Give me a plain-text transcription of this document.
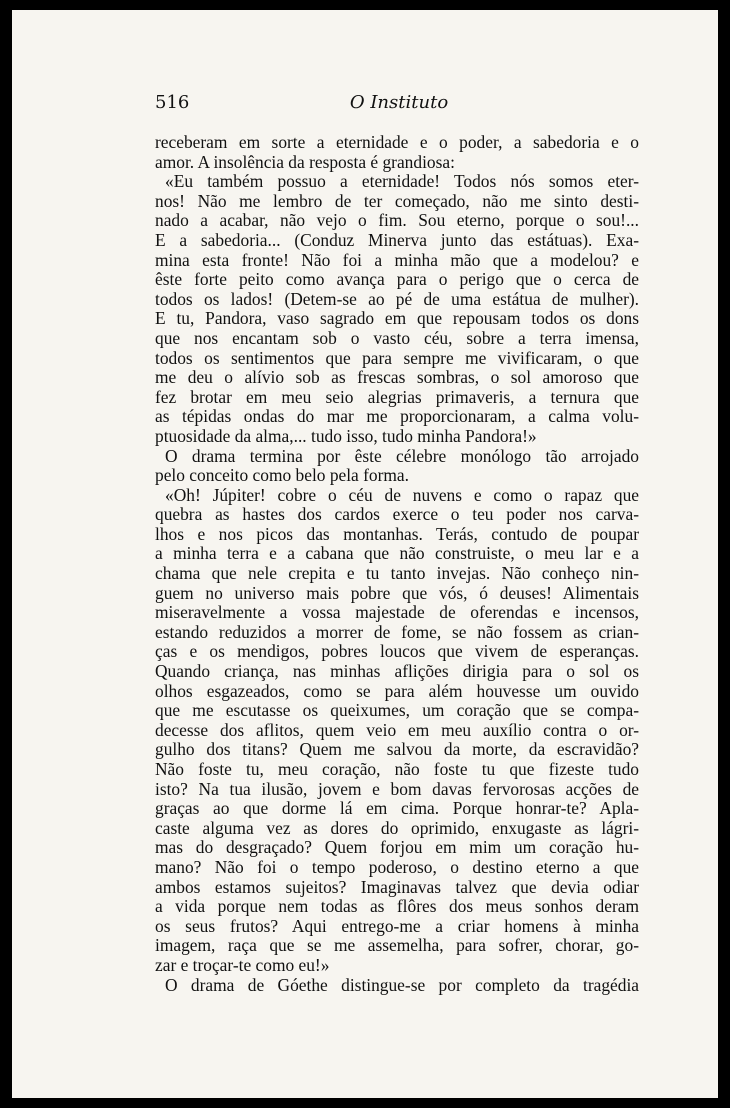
516	O Instituto
receberam em sorte a eternidade e o poder, a sabedoria e o
amor. A insolência da resposta é grandiosa:
«Eu também possuo a eternidade! Todos nós somos eter-
nos! Não me lembro de ter começado, não me sinto desti-
nado a acabar, não vejo o fim. Sou eterno, porque o sou!...
E a sabedoria... (Conduz Minerva junto das estátuas). Exa-
mina esta fronte! Não foi a minha mão que a modelou? e
êste forte peito como avança para o perigo que o cerca de
todos os lados! (Detem-se ao pé de uma estátua de mulher).
E tu, Pandora, vaso sagrado em que repousam todos os dons
que nos encantam sob o vasto céu, sobre a terra imensa,
todos os sentimentos que para sempre me vivificaram, o que
me deu o alívio sob as frescas sombras, o sol amoroso que
fez brotar em meu seio alegrias primaveris, a ternura que
as tépidas ondas do mar me proporcionaram, a calma volu-
ptuosidade da alma,... tudo isso, tudo minha Pandora!»
O drama termina por êste célebre monólogo tão arrojado
pelo conceito como belo pela forma.
«Oh! Júpiter! cobre o céu de nuvens e como o rapaz que
quebra as hastes dos cardos exerce o teu poder nos carva-
lhos e nos picos das montanhas. Terás, contudo de poupar
a minha terra e a cabana que não construiste, o meu lar e a
chama que nele crepita e tu tanto invejas. Não conheço nin-
guem no universo mais pobre que vós, ó deuses! Alimentais
miseravelmente a vossa majestade de oferendas e incensos,
estando reduzidos a morrer de fome, se não fossem as crian-
ças e os mendigos, pobres loucos que vivem de esperanças.
Quando criança, nas minhas aflições dirigia para o sol os
olhos esgazeados, como se para além houvesse um ouvido
que me escutasse os queixumes, um coração que se compa-
decesse dos aflitos, quem veio em meu auxílio contra o or-
gulho dos titans? Quem me salvou da morte, da escravidão?
Não foste tu, meu coração, não foste tu que fizeste tudo
isto? Na tua ilusão, jovem e bom davas fervorosas acções de
graças ao que dorme lá em cima. Porque honrar-te? Apla-
caste alguma vez as dores do oprimido, enxugaste as lágri-
mas do desgraçado? Quem forjou em mim um coração hu-
mano? Não foi o tempo poderoso, o destino eterno a que
ambos estamos sujeitos? Imaginavas talvez que devia odiar
a vida porque nem todas as flôres dos meus sonhos deram
os seus frutos? Aqui entrego-me a criar homens à minha
imagem, raça que se me assemelha, para sofrer, chorar, go-
zar e troçar-te como eu!»
O drama de Góethe distingue-se por completo da tragédia
